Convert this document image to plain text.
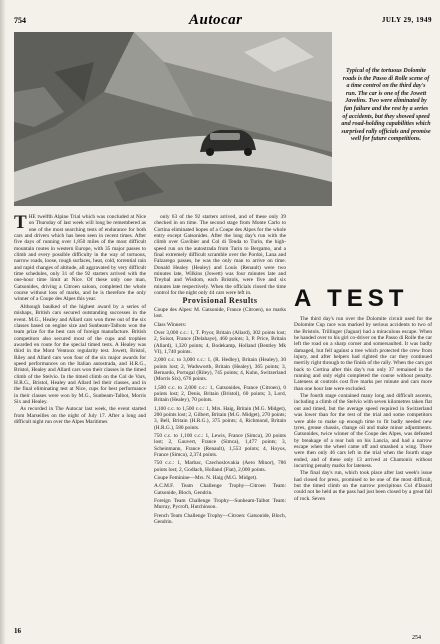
754	Autocar	JULY 29, 1949
Typical of the tortuous Dolomite roads is the Passo di Rolle scene of a time control on the third day's run. The car is one of the Jowett Javelins. Two were eliminated by fan failure and the rest by a series of accidents, but they showed speed and road-holding capabilities which surprised rally officials and promise well for future competitions.

THE twelfth Alpine Trial which was concluded at Nice on Thursday of last week will long be remembered as one of the most searching tests of endurance for both cars and drivers which has been seen in recent times. After five days of running over 1,850 miles of the most difficult mountain routes in western Europe, with 35 major passes to climb and every possible difficulty in the way of tortuous, narrow roads, loose, rough surfaces, heat, cold, torrential rain and rapid changes of altitude, all aggravated by very difficult time schedules, only 31 of the 92 starters arrived with the one-hour time limit at Nice. Of these only one man, Gatsonides, driving a Citroen saloon, completed the whole course without loss of marks, and he is therefore the only winner of a Coupe des Alpes this year.

Although baulked of the highest award by a series of mishaps, British cars secured outstanding successes in the event. M.G., Healey and Allard cars won three out of the six classes based on engine size and Sunbeam-Talbots won the team prize for the best cars of foreign manufacture. British competitors also secured most of the cups and trophies awarded en route for the special timed tests. A Healey was third in the Mont Ventoux regularity test. Jowett, Bristol, Riley and Allard cars won four of the six major awards for speed performances on the Italian autostrada, and H.R.G., Bristol, Healey and Allard cars won their classes in the timed climb of the Stelvio. In the timed climb on the Col de Vars, H.R.G., Bristol, Healey and Allard led their classes, and in the final eliminating test at Nice, cups for best performance in their classes were won by M.G., Sunbeam-Talbot, Morris Six and Healey.

As recorded in The Autocar last week, the event started from Marseilles on the night of July 17. After a long and difficult night run over the Alpes Maritimes

only 63 of the 92 starters arrived, and of these only 39 checked in on time. The second stage from Monte Carlo to Cortina eliminated hopes of a Coupe des Alpes for the whole entry except Gatsonides. After the long day's run with the climb over Gavibier and Col di Tenda to Turin, the high-speed run on the autostrada from Turin to Bergamo, and a final extremely difficult scramble over the Pordoi, Lana and Falzarego passes, he was the only man to arrive on time. Donald Healey (Healey) and Louis (Renault) were two minutes late, Wilkins (Jowett) was four minutes late and Treybal and Wisdom, each Bristols, were five and six minutes late respectively. When the officials closed the time control for the night only 44 cars were left in.

Provisional Results

Coupe des Alpes: M. Gatsonide, France (Citroen), no marks lost.

Class Winners:

Over 3,000 c.c.: 1, T. Pryor, Britain (Allard), 302 points lost; 2, Soisot, France (Delahaye), 460 points; 3, P. Price, Britain (Allard), 1,320 points; 4, Bodekamp, Holland (Bentley Mk VI), 1,740 points.

2,000 c.c. to 3,000 c.c.: 1, (R. Hedley), Britain (Healey), 30 points lost; 2, Wadsworth, Britain (Healey), 365 points; 3, Bernardo, Portugal (Riley), 745 points; 4, Kuhn, Switzerland (Morris Six), 676 points.

1,500 c.c. to 2,000 c.c.: 1, Gatsonides, France (Citroen), 0 points lost; 2, Denis, Britain (Bristol), 60 points; 3, Lord, Britain (Healey), 70 points.

1,100 c.c. to 1,500 c.c.: 1, Mrs. Haig, Britain (M.G. Midget), 200 points lost; 2, Gilbert, Britain (M.G. Midget), 270 points; 3, Bell, Britain (H.R.G.), 375 points; 4, Richmond, Britain (H.R.G.), 580 points.

750 c.c. to 1,100 c.c.: 1, Lewis, France (Simca), 20 points lost; 2, Gauvert, France (Simca), 1,477 points; 3, Scheinmann, France (Renault), 1,553 points; 4, Hoyos, France (Simca), 2,374 points.

750 c.c.: 1, Marbac, Czechoslovakia (Aero Minor), 786 points lost; 2, Godlach, Holland (Fiat), 2,000 points.

Coupe Feminine—Mrs. N. Haig (M.G. Midget).

A.C.M.F. Team Challenge Trophy—Citroen Team: Gatsonide, Bloch, Gendrin.

Foreign Team Challenge Trophy—Sunbeam-Talbot Team: Murray, Pycroft, Hutchinson.

French Team Challenge Trophy—Citroen: Gatsonide, Bloch, Gendrin.

A TEST

The third day's run over the Dolomite circuit used for the Dolomite Cup race was marked by serious accidents to two of the Bristols. Trillinger (Jaguar) had a miraculous escape. When he handed over to his girl co-driver on the Passo di Rolle the car left the road on a sharp corner and somersaulted. It was badly damaged, but fell against a tree which protected the crew from injury, and after helpers had righted the car they continued merrily right through to the finish of the rally. When the cars got back to Cortina after this day's run only 37 remained in the running and only eight completed the course without penalty. Lateness at controls cost five marks per minute and cars more than one hour late were excluded.

The fourth stage contained many long and difficult ascents, including a climb of the Stelvio with seven kilometres taken flat out and timed, but the average speed required in Switzerland was lower than for the rest of the trial and some competitors were able to make up enough time to fit badly needed new tyres, grease chassis, change oil and make minor adjustments. Gatsonides, twice winner of the Coupe des Alpes, was defeated by breakage of a rear hub on his Lancia, and had a narrow escape when the wheel came off and smashed a wing. There were then only 46 cars left in the trial when the fourth stage ended, and of these only 13 arrived at Chamonix without incurring penalty marks for lateness.

The final day's run, which took place after last week's issue had closed for press, promised to be one of the most difficult, but the timed climb on the narrow precipitous Col d'Izoard could not be held as the pass had just been closed by a great fall of rock. Seven

16
254
